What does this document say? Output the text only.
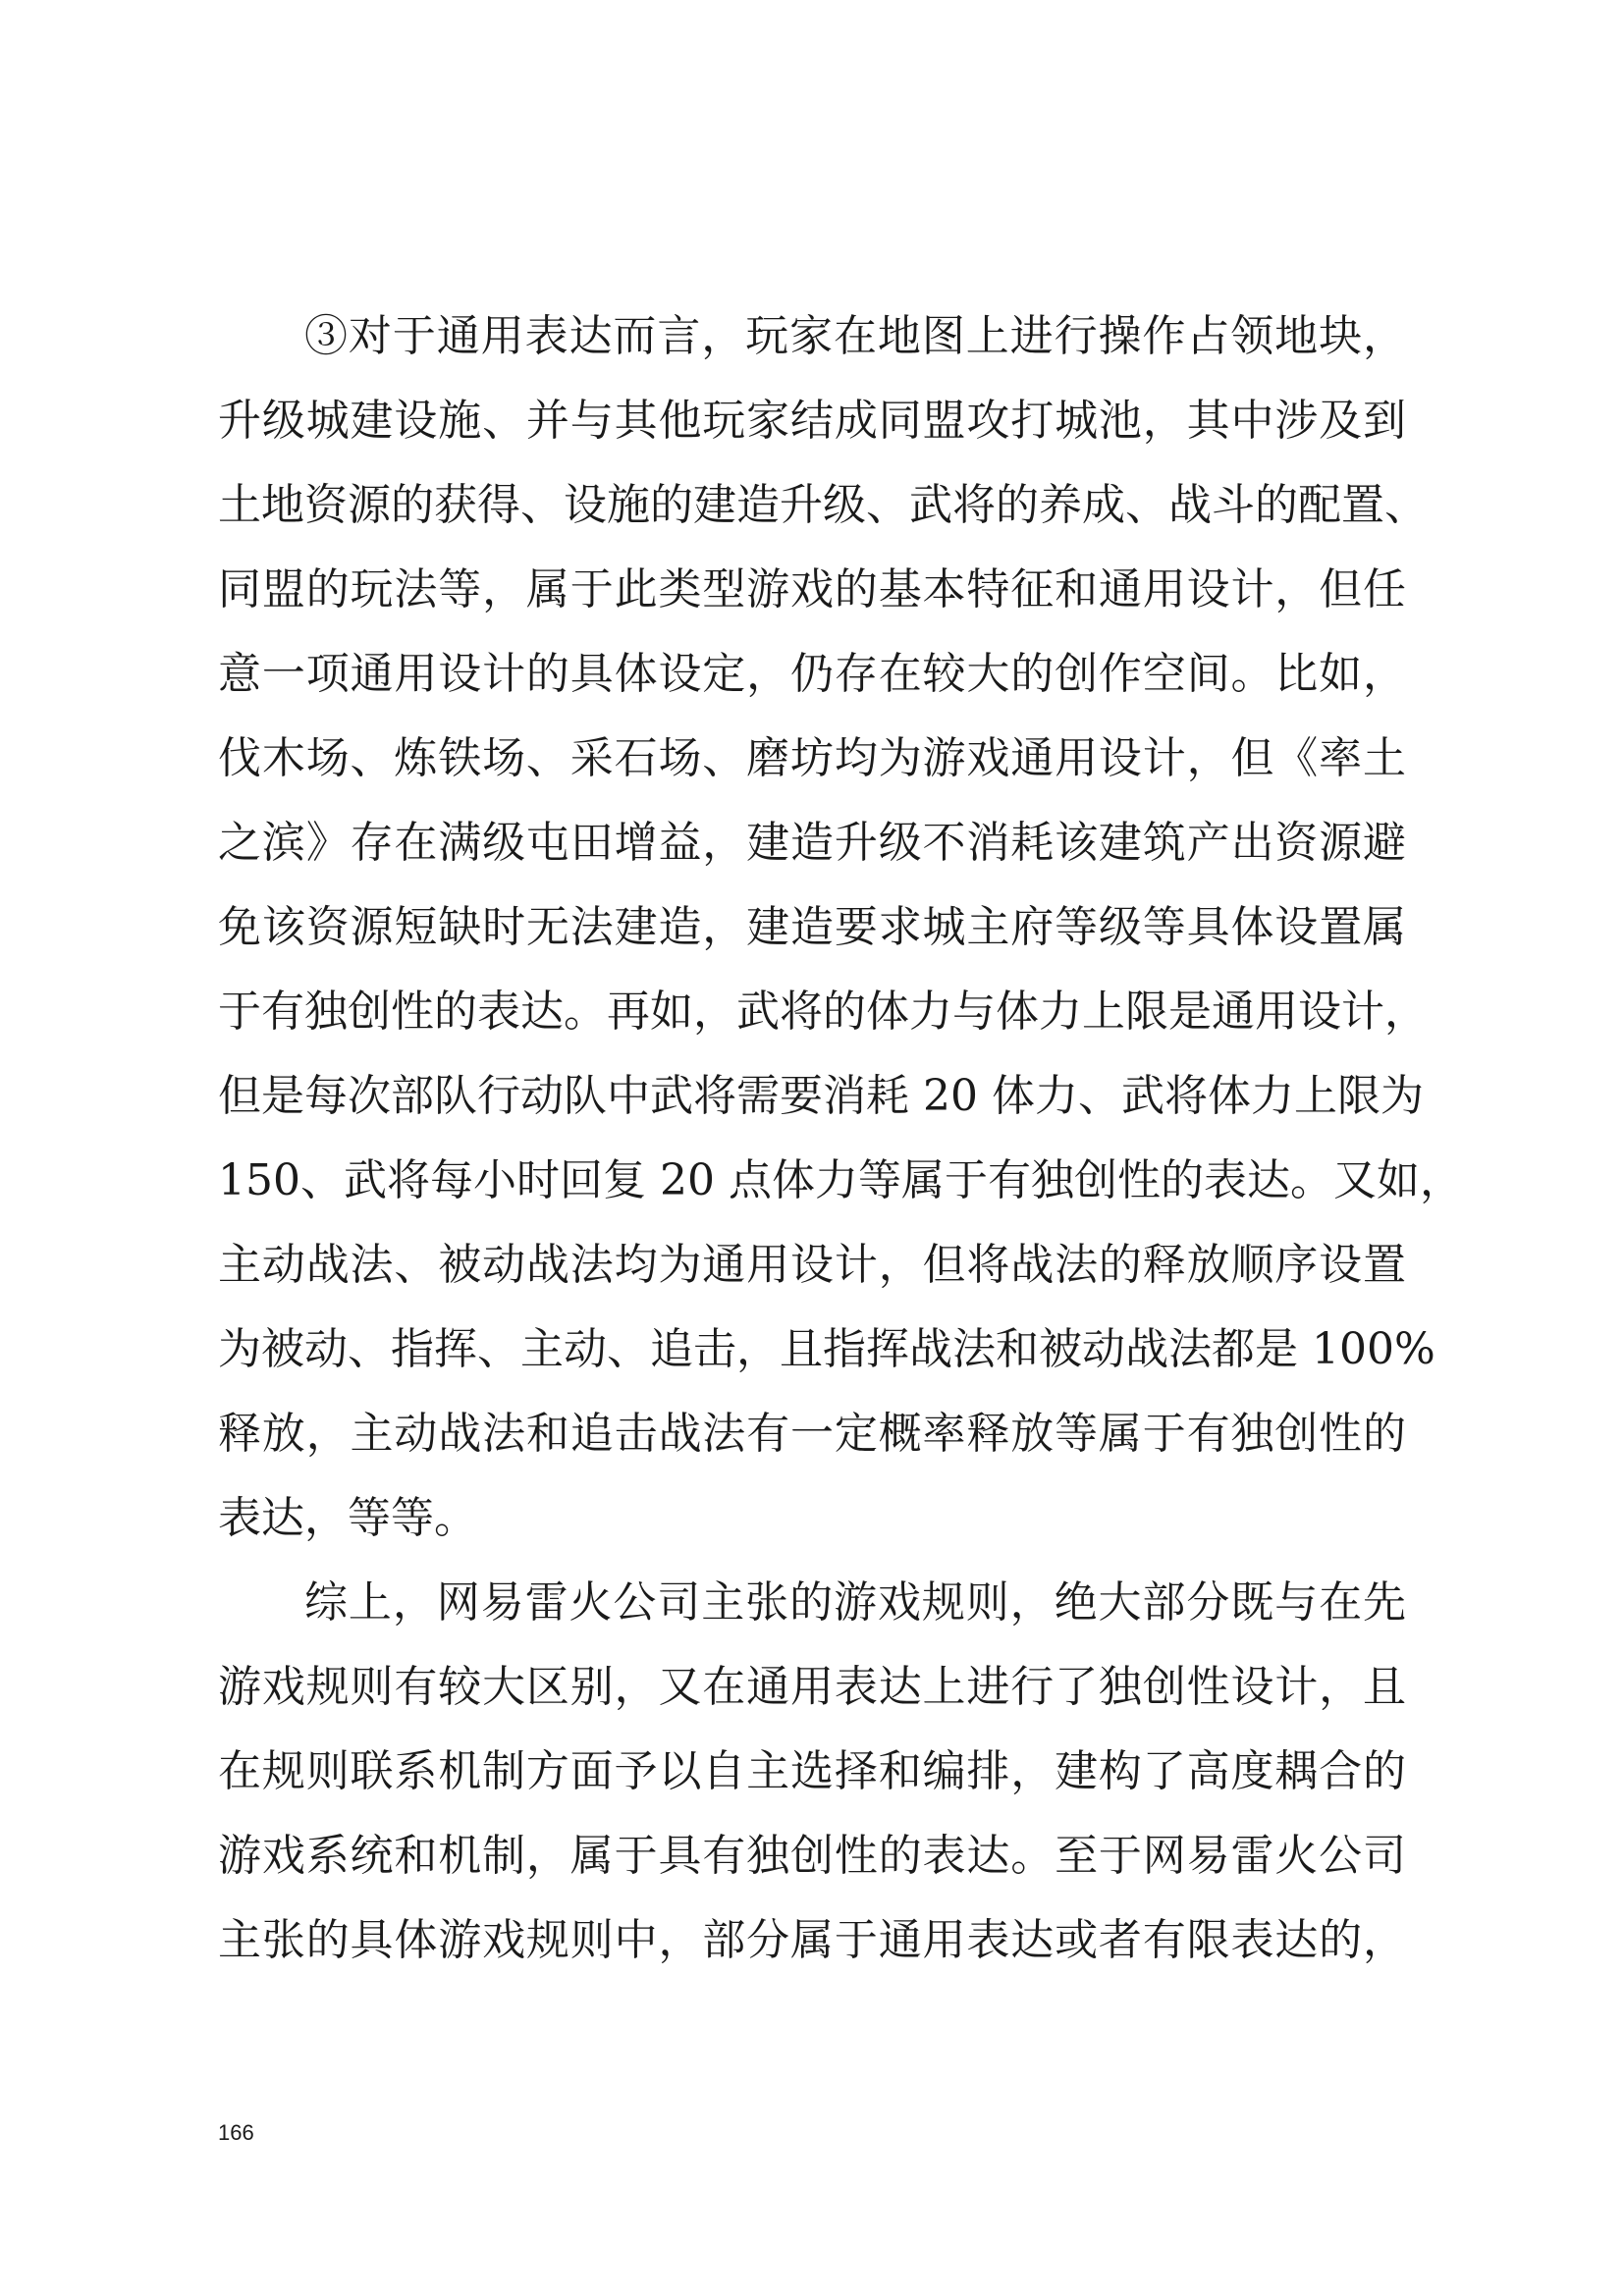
③对于通用表达而言，玩家在地图上进行操作占领地块，
升级城建设施、并与其他玩家结成同盟攻打城池，其中涉及到
土地资源的获得、设施的建造升级、武将的养成、战斗的配置、
同盟的玩法等，属于此类型游戏的基本特征和通用设计，但任
意一项通用设计的具体设定，仍存在较大的创作空间。比如，
伐木场、炼铁场、采石场、磨坊均为游戏通用设计，但《率土
之滨》存在满级屯田增益，建造升级不消耗该建筑产出资源避
免该资源短缺时无法建造，建造要求城主府等级等具体设置属
于有独创性的表达。再如，武将的体力与体力上限是通用设计，
但是每次部队行动队中武将需要消耗 20 体力、武将体力上限为
150、武将每小时回复 20 点体力等属于有独创性的表达。又如，
主动战法、被动战法均为通用设计，但将战法的释放顺序设置
为被动、指挥、主动、追击，且指挥战法和被动战法都是 100%
释放，主动战法和追击战法有一定概率释放等属于有独创性的
表达，等等。
综上，网易雷火公司主张的游戏规则，绝大部分既与在先
游戏规则有较大区别，又在通用表达上进行了独创性设计，且
在规则联系机制方面予以自主选择和编排，建构了高度耦合的
游戏系统和机制，属于具有独创性的表达。至于网易雷火公司
主张的具体游戏规则中，部分属于通用表达或者有限表达的，
166
